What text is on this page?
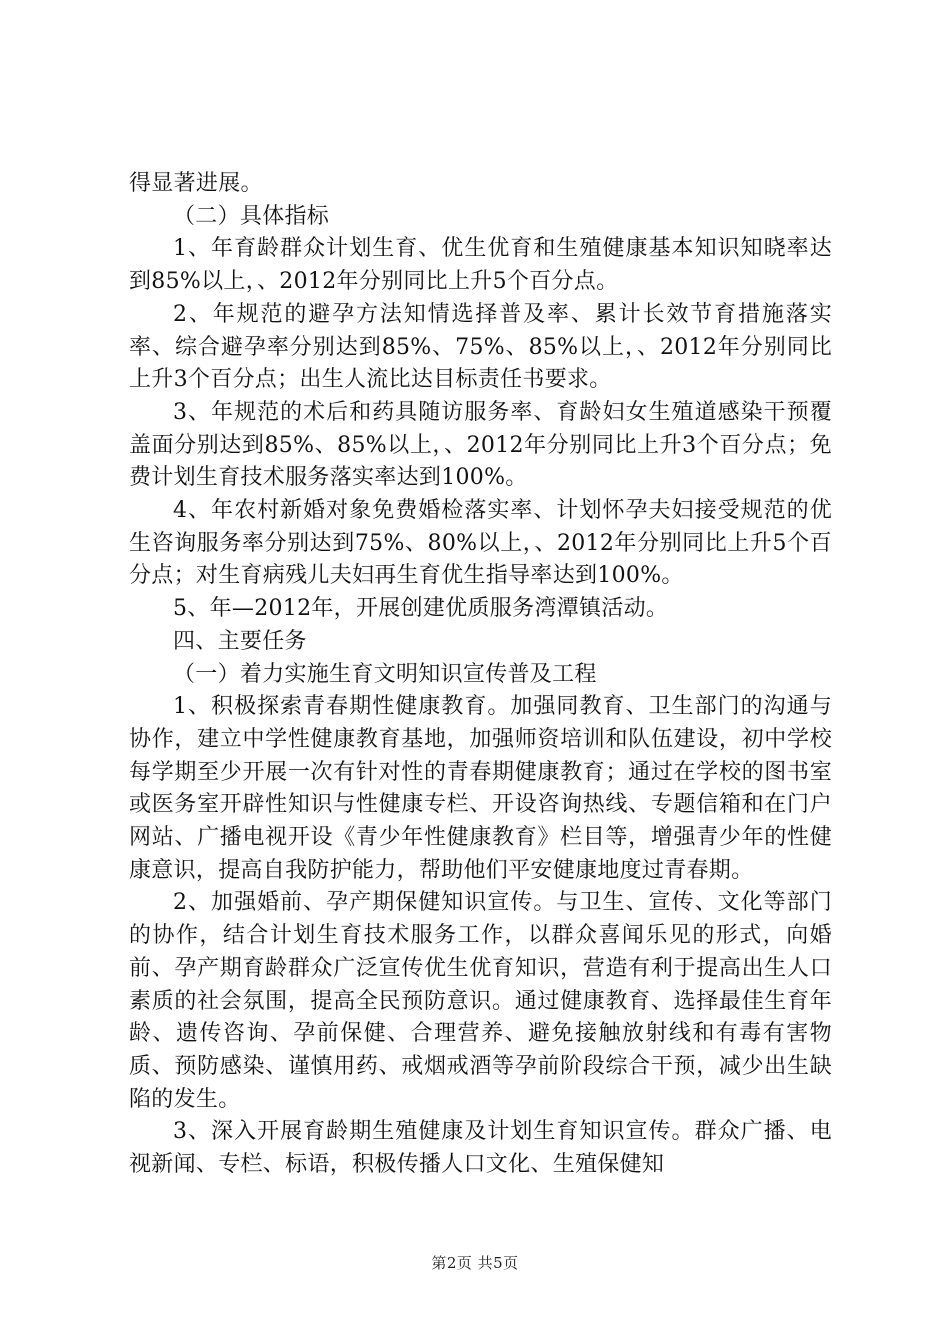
得显著进展。

（二）具体指标

1、年育龄群众计划生育、优生优育和生殖健康基本知识知晓率达到85%以上，、2012年分别同比上升5个百分点。

2、年规范的避孕方法知情选择普及率、累计长效节育措施落实率、综合避孕率分别达到85%、75%、85%以上，、2012年分别同比上升3个百分点；出生人流比达目标责任书要求。

3、年规范的术后和药具随访服务率、育龄妇女生殖道感染干预覆盖面分别达到85%、85%以上，、2012年分别同比上升3个百分点；免费计划生育技术服务落实率达到100%。

4、年农村新婚对象免费婚检落实率、计划怀孕夫妇接受规范的优生咨询服务率分别达到75%、80%以上，、2012年分别同比上升5个百分点；对生育病残儿夫妇再生育优生指导率达到100%。

5、年—2012年，开展创建优质服务湾潭镇活动。

四、主要任务

（一）着力实施生育文明知识宣传普及工程

1、积极探索青春期性健康教育。加强同教育、卫生部门的沟通与协作，建立中学性健康教育基地，加强师资培训和队伍建设，初中学校每学期至少开展一次有针对性的青春期健康教育；通过在学校的图书室或医务室开辟性知识与性健康专栏、开设咨询热线、专题信箱和在门户网站、广播电视开设《青少年性健康教育》栏目等，增强青少年的性健康意识，提高自我防护能力，帮助他们平安健康地度过青春期。

2、加强婚前、孕产期保健知识宣传。与卫生、宣传、文化等部门的协作，结合计划生育技术服务工作，以群众喜闻乐见的形式，向婚前、孕产期育龄群众广泛宣传优生优育知识，营造有利于提高出生人口素质的社会氛围，提高全民预防意识。通过健康教育、选择最佳生育年龄、遗传咨询、孕前保健、合理营养、避免接触放射线和有毒有害物质、预防感染、谨慎用药、戒烟戒酒等孕前阶段综合干预，减少出生缺陷的发生。

3、深入开展育龄期生殖健康及计划生育知识宣传。群众广播、电视新闻、专栏、标语，积极传播人口文化、生殖保健知

第2页 共5页
